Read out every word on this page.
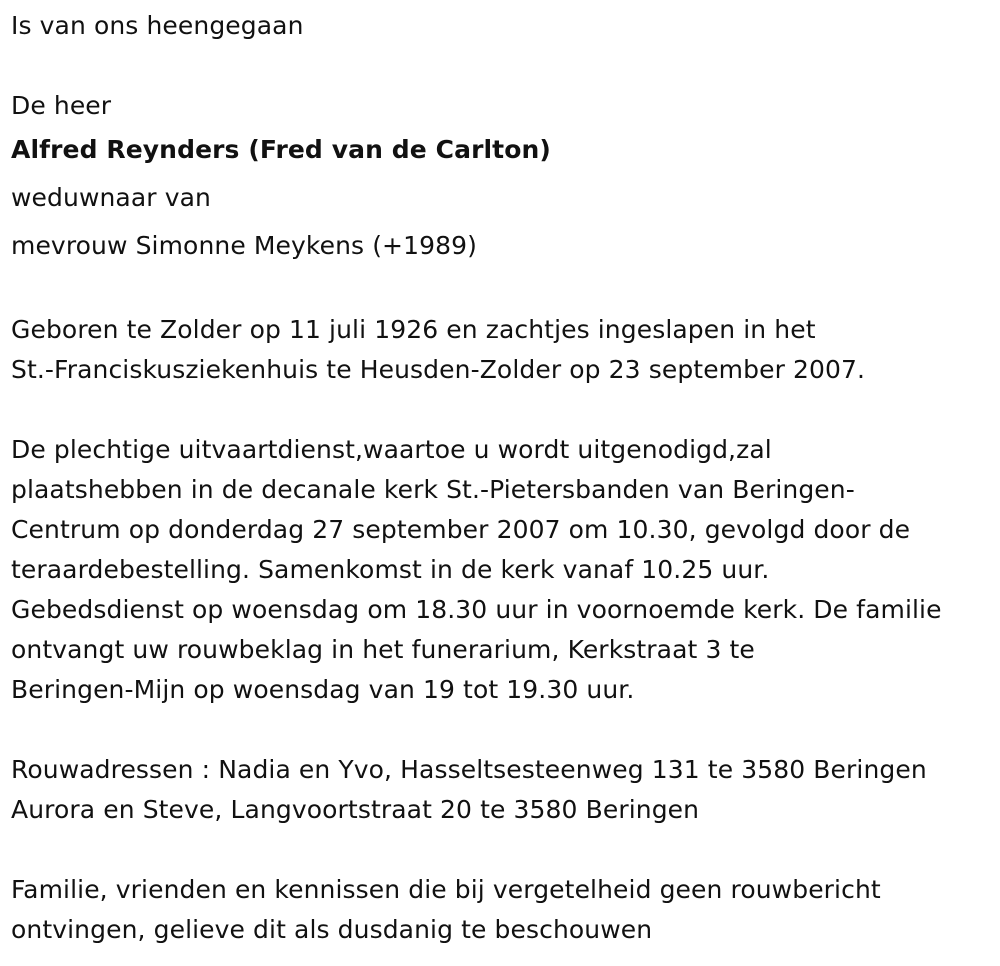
Is van ons heengegaan
De heer
Alfred Reynders (Fred van de Carlton)
weduwnaar van
mevrouw Simonne Meykens (+1989)
Geboren te Zolder op 11 juli 1926 en zachtjes ingeslapen in het
St.-Franciskusziekenhuis te Heusden-Zolder op 23 september 2007.
De plechtige uitvaartdienst,waartoe u wordt uitgenodigd,zal
plaatshebben in de decanale kerk St.-Pietersbanden van Beringen-
Centrum op donderdag 27 september 2007 om 10.30, gevolgd door de
teraardebestelling. Samenkomst in de kerk vanaf 10.25 uur.
Gebedsdienst op woensdag om 18.30 uur in voornoemde kerk. De familie
ontvangt uw rouwbeklag in het funerarium, Kerkstraat 3 te
Beringen-Mijn op woensdag van 19 tot 19.30 uur.
Rouwadressen : Nadia en Yvo, Hasseltsesteenweg 131 te 3580 Beringen
Aurora en Steve, Langvoortstraat 20 te 3580 Beringen
Familie, vrienden en kennissen die bij vergetelheid geen rouwbericht
ontvingen, gelieve dit als dusdanig te beschouwen
